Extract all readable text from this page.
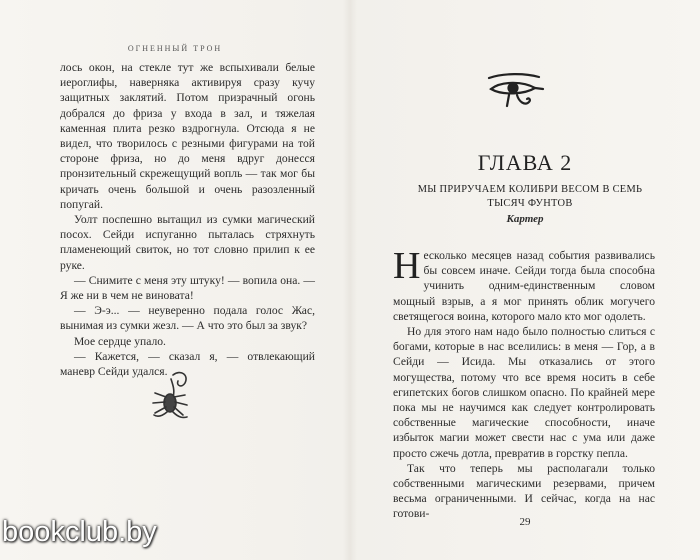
ОГНЕННЫЙ ТРОН

лось окон, на стекле тут же вспыхивали белые иероглифы, наверняка активируя сразу кучу защитных заклятий. Потом призрачный огонь добрался до фриза у входа в зал, и тяжелая каменная плита резко вздрогнула. Отсюда я не видел, что творилось с резными фигурами на той стороне фриза, но до меня вдруг донесся пронзительный скрежещущий вопль — так мог бы кричать очень большой и очень разозленный попугай.

Уолт поспешно вытащил из сумки магический посох. Сейди испуганно пыталась стряхнуть пламенеющий свиток, но тот словно прилип к ее руке.

— Снимите с меня эту штуку! — вопила она. — Я же ни в чем не виновата!

— Э-э... — неуверенно подала голос Жас, вынимая из сумки жезл. — А что это был за звук?

Мое сердце упало.

— Кажется, — сказал я, — отвлекающий маневр Сейди удался.

ГЛАВА 2
МЫ ПРИРУЧАЕМ КОЛИБРИ ВЕСОМ В СЕМЬ ТЫСЯЧ ФУНТОВ
Картер

Несколько месяцев назад события развивались бы совсем иначе. Сейди тогда была способна учинить одним-единственным словом мощный взрыв, а я мог принять облик могучего светящегося воина, которого мало кто мог одолеть.

Но для этого нам надо было полностью слиться с богами, которые в нас вселились: в меня — Гор, а в Сейди — Исида. Мы отказались от этого могущества, потому что все время носить в себе египетских богов слишком опасно. По крайней мере пока мы не научимся как следует контролировать собственные магические способности, иначе избыток магии может свести нас с ума или даже просто сжечь дотла, превратив в горстку пепла.

Так что теперь мы располагали только собственными магическими резервами, причем весьма ограниченными. И сейчас, когда на нас готови-

29
bookclub.by
